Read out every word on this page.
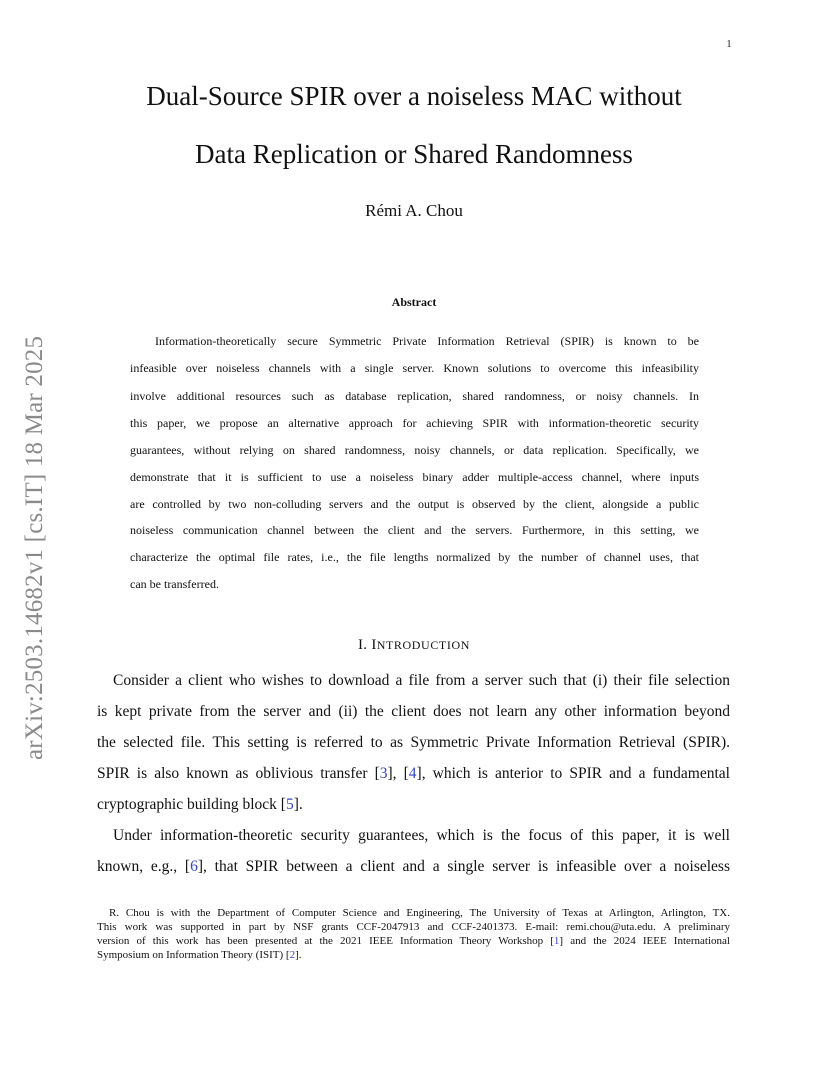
1
arXiv:2503.14682v1 [cs.IT] 18 Mar 2025
Dual-Source SPIR over a noiseless MAC without
Data Replication or Shared Randomness
Rémi A. Chou
Abstract
Information-theoretically secure Symmetric Private Information Retrieval (SPIR) is known to be
infeasible over noiseless channels with a single server. Known solutions to overcome this infeasibility
involve additional resources such as database replication, shared randomness, or noisy channels. In
this paper, we propose an alternative approach for achieving SPIR with information-theoretic security
guarantees, without relying on shared randomness, noisy channels, or data replication. Specifically, we
demonstrate that it is sufficient to use a noiseless binary adder multiple-access channel, where inputs
are controlled by two non-colluding servers and the output is observed by the client, alongside a public
noiseless communication channel between the client and the servers. Furthermore, in this setting, we
characterize the optimal file rates, i.e., the file lengths normalized by the number of channel uses, that
can be transferred.
I. INTRODUCTION
Consider a client who wishes to download a file from a server such that (i) their file selection
is kept private from the server and (ii) the client does not learn any other information beyond
the selected file. This setting is referred to as Symmetric Private Information Retrieval (SPIR).
SPIR is also known as oblivious transfer [3], [4], which is anterior to SPIR and a fundamental
cryptographic building block [5].
Under information-theoretic security guarantees, which is the focus of this paper, it is well
known, e.g., [6], that SPIR between a client and a single server is infeasible over a noiseless
R. Chou is with the Department of Computer Science and Engineering, The University of Texas at Arlington, Arlington, TX.
This work was supported in part by NSF grants CCF-2047913 and CCF-2401373. E-mail: remi.chou@uta.edu. A preliminary
version of this work has been presented at the 2021 IEEE Information Theory Workshop [1] and the 2024 IEEE International
Symposium on Information Theory (ISIT) [2].
